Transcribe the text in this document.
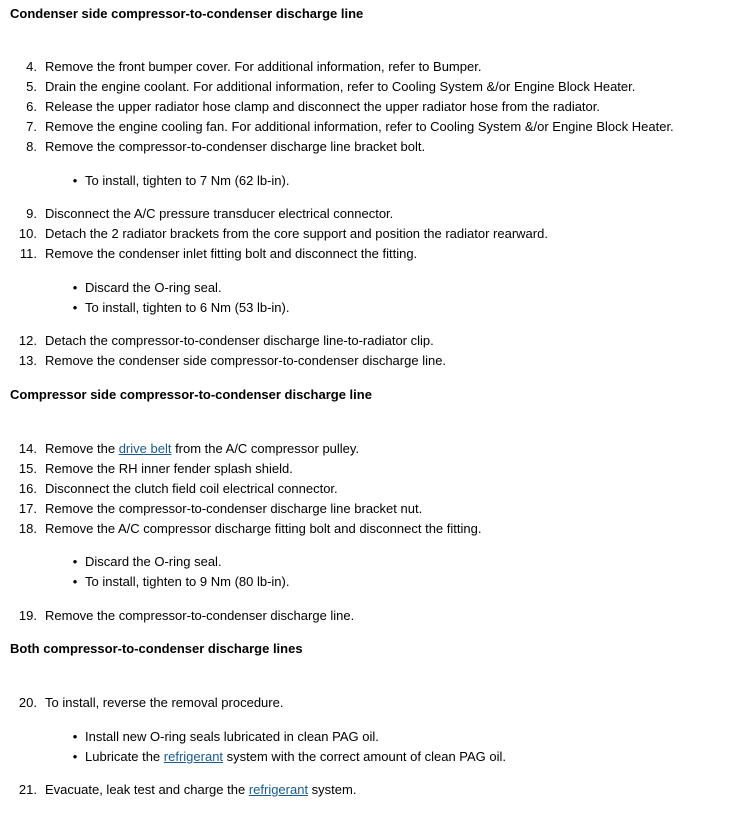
Condenser side compressor-to-condenser discharge line
4. Remove the front bumper cover. For additional information, refer to Bumper.
5. Drain the engine coolant. For additional information, refer to Cooling System &/or Engine Block Heater.
6. Release the upper radiator hose clamp and disconnect the upper radiator hose from the radiator.
7. Remove the engine cooling fan. For additional information, refer to Cooling System &/or Engine Block Heater.
8. Remove the compressor-to-condenser discharge line bracket bolt.
• To install, tighten to 7 Nm (62 lb-in).
9. Disconnect the A/C pressure transducer electrical connector.
10. Detach the 2 radiator brackets from the core support and position the radiator rearward.
11. Remove the condenser inlet fitting bolt and disconnect the fitting.
• Discard the O-ring seal.
• To install, tighten to 6 Nm (53 lb-in).
12. Detach the compressor-to-condenser discharge line-to-radiator clip.
13. Remove the condenser side compressor-to-condenser discharge line.
Compressor side compressor-to-condenser discharge line
14. Remove the drive belt from the A/C compressor pulley.
15. Remove the RH inner fender splash shield.
16. Disconnect the clutch field coil electrical connector.
17. Remove the compressor-to-condenser discharge line bracket nut.
18. Remove the A/C compressor discharge fitting bolt and disconnect the fitting.
• Discard the O-ring seal.
• To install, tighten to 9 Nm (80 lb-in).
19. Remove the compressor-to-condenser discharge line.
Both compressor-to-condenser discharge lines
20. To install, reverse the removal procedure.
• Install new O-ring seals lubricated in clean PAG oil.
• Lubricate the refrigerant system with the correct amount of clean PAG oil.
21. Evacuate, leak test and charge the refrigerant system.
